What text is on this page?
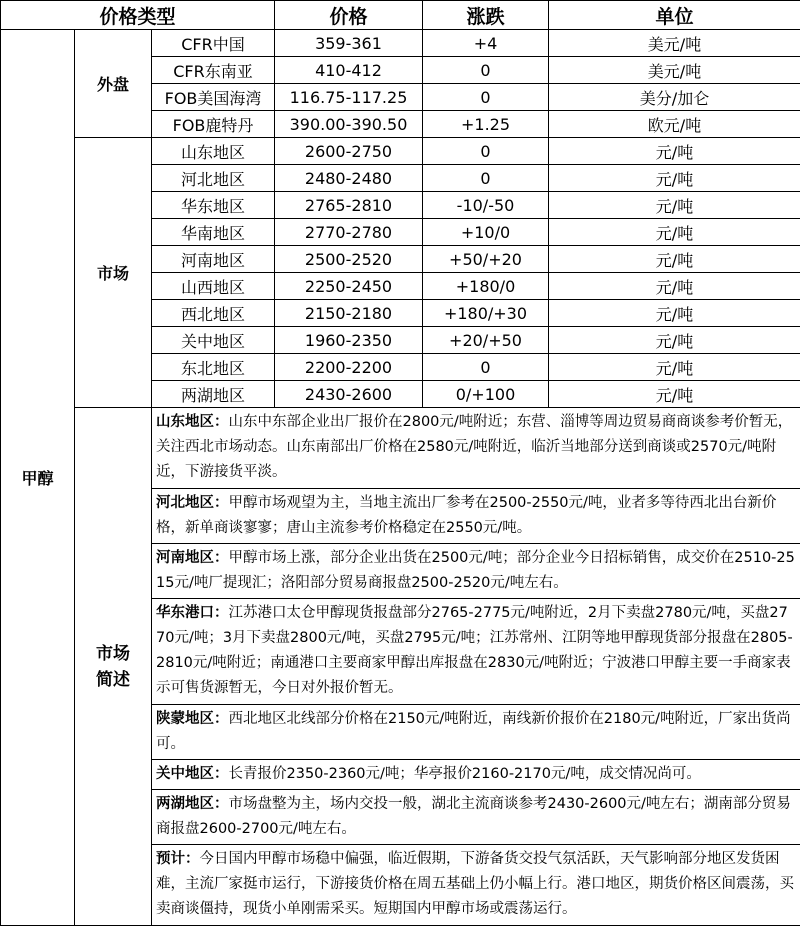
价格类型			价格	涨跌	单位
甲醇	外盘	CFR中国	359-361	+4	美元/吨
		CFR东南亚	410-412	0	美元/吨
		FOB美国海湾	116.75-117.25	0	美分/加仑
		FOB鹿特丹	390.00-390.50	+1.25	欧元/吨
	市场	山东地区	2600-2750	0	元/吨
		河北地区	2480-2480	0	元/吨
		华东地区	2765-2810	-10/-50	元/吨
		华南地区	2770-2780	+10/0	元/吨
		河南地区	2500-2520	+50/+20	元/吨
		山西地区	2250-2450	+180/0	元/吨
		西北地区	2150-2180	+180/+30	元/吨
		关中地区	1960-2350	+20/+50	元/吨
		东北地区	2200-2200	0	元/吨
		两湖地区	2430-2600	0/+100	元/吨

	市场
简述	山东地区：山东中东部企业出厂报价在2800元/吨附近；东营、淄博等周边贸易商商谈参考价暂无，关注西北市场动态。山东南部出厂价格在2580元/吨附近，临沂当地部分送到商谈或2570元/吨附近，下游接货平淡。			
		河北地区：甲醇市场观望为主，当地主流出厂参考在2500-2550元/吨，业者多等待西北出台新价格，新单商谈寥寥；唐山主流参考价格稳定在2550元/吨。			
		河南地区：甲醇市场上涨，部分企业出货在2500元/吨；部分企业今日招标销售，成交价在2510-2515元/吨厂提现汇；洛阳部分贸易商报盘2500-2520元/吨左右。			
		华东港口：江苏港口太仓甲醇现货报盘部分2765-2775元/吨附近，2月下卖盘2780元/吨，买盘2770元/吨；3月下卖盘2800元/吨，买盘2795元/吨；江苏常州、江阴等地甲醇现货部分报盘在2805-2810元/吨附近；南通港口主要商家甲醇出库报盘在2830元/吨附近；宁波港口甲醇主要一手商家表示可售货源暂无，今日对外报价暂无。			
		陕蒙地区：西北地区北线部分价格在2150元/吨附近，南线新价报价在2180元/吨附近，厂家出货尚可。			
		关中地区：长青报价2350-2360元/吨；华亭报价2160-2170元/吨，成交情况尚可。			
		两湖地区：市场盘整为主，场内交投一般，湖北主流商谈参考2430-2600元/吨左右；湖南部分贸易商报盘2600-2700元/吨左右。			
		预计：今日国内甲醇市场稳中偏强，临近假期，下游备货交投气氛活跃，天气影响部分地区发货困难，主流厂家挺市运行，下游接货价格在周五基础上仍小幅上行。港口地区，期货价格区间震荡，买卖商谈僵持，现货小单刚需采买。短期国内甲醇市场或震荡运行。			
